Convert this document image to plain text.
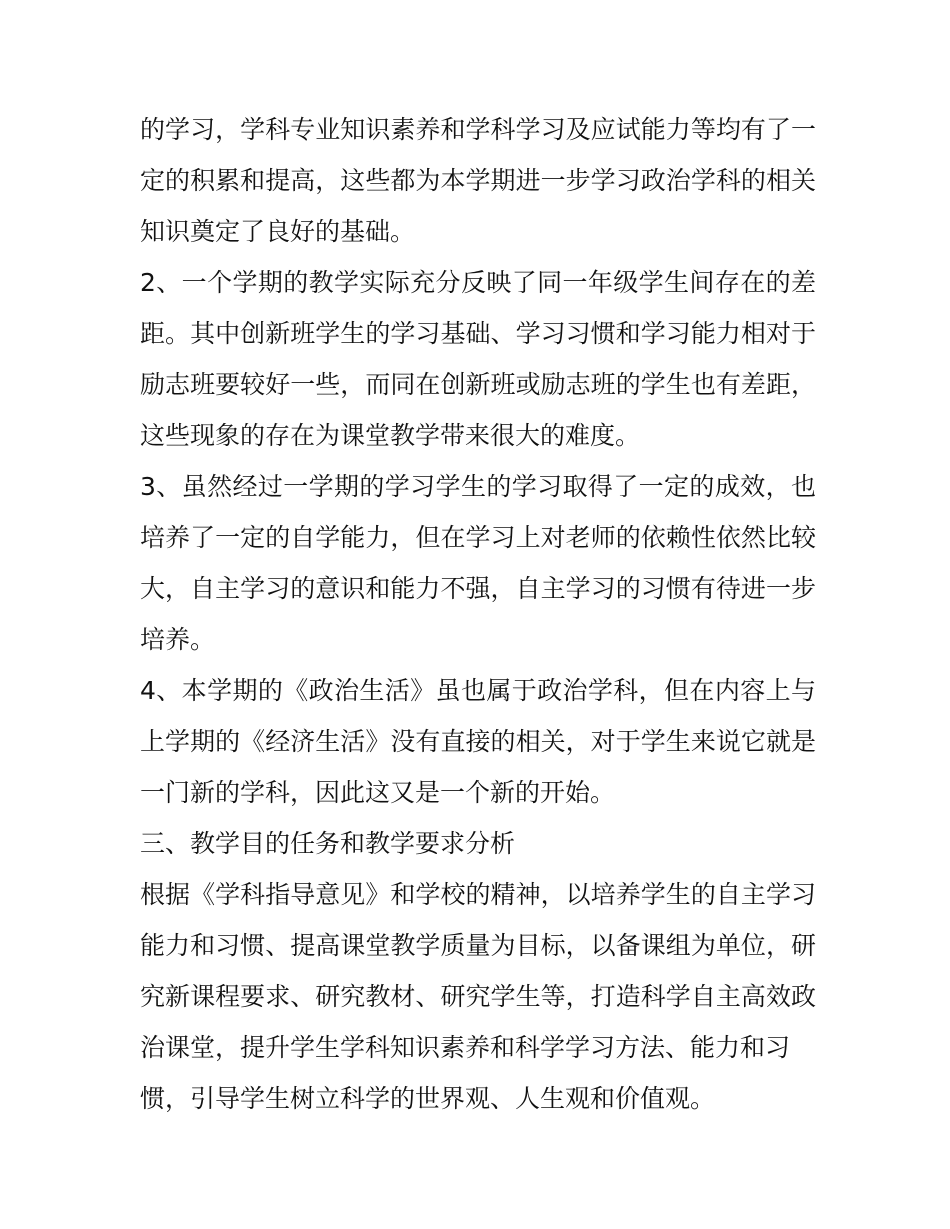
的学习，学科专业知识素养和学科学习及应试能力等均有了一
定的积累和提高，这些都为本学期进一步学习政治学科的相关
知识奠定了良好的基础。
2、一个学期的教学实际充分反映了同一年级学生间存在的差
距。其中创新班学生的学习基础、学习习惯和学习能力相对于
励志班要较好一些，而同在创新班或励志班的学生也有差距，
这些现象的存在为课堂教学带来很大的难度。
3、虽然经过一学期的学习学生的学习取得了一定的成效，也
培养了一定的自学能力，但在学习上对老师的依赖性依然比较
大，自主学习的意识和能力不强，自主学习的习惯有待进一步
培养。
4、本学期的《政治生活》虽也属于政治学科，但在内容上与
上学期的《经济生活》没有直接的相关，对于学生来说它就是
一门新的学科，因此这又是一个新的开始。
三、教学目的任务和教学要求分析
根据《学科指导意见》和学校的精神，以培养学生的自主学习
能力和习惯、提高课堂教学质量为目标，以备课组为单位，研
究新课程要求、研究教材、研究学生等，打造科学自主高效政
治课堂，提升学生学科知识素养和科学学习方法、能力和习
惯，引导学生树立科学的世界观、人生观和价值观。
